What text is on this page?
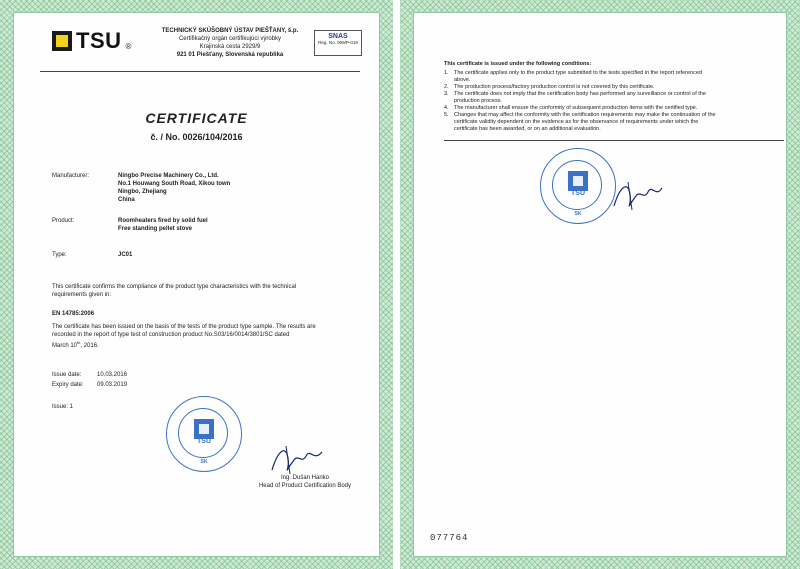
TSU ®
TECHNICKÝ SKÚŠOBNÝ ÚSTAV PIEŠŤANY, š.p.
Certifikačný orgán certifikujúci výrobky
Krajinská cesta 2929/9
921 01 Piešťany, Slovenská republika
SNAS
Reg. No. 009/P-019
CERTIFICATE
č. / No. 0026/104/2016
Manufacturer:	Ningbo Precise Machinery Co., Ltd.
No.1 Houwang South Road, Xikou town
Ningbo, Zhejiang
China
Product:	Roomheaters fired by solid fuel
Free standing pellet stove
Type:	JC01
This certificate confirms the compliance of the product type characteristics with the technical
requirements given in:
EN 14785:2006
The certificate has been issued on the basis of the tests of the product type sample. The results are
recorded in the report of type test of construction product No.S03/16/0014/3801/SC dated
March 10th, 2016.
Issue date:	10.03.2016
Expiry date: 09.03.2019
Issue: 1
TSU
SK
Ing. Dušan Hanko
Head of Product Certification Body
This certificate is issued under the following conditions:
1. The certificate applies only to the product type submitted to the tests specified in the report referenced
above.
2. The production process/factory production control is not covered by this certificate.
3. The certificate does not imply that the certification body has performed any surveillance or control of the
production process.
4. The manufacturer shall ensure the conformity of subsequent production items with the certified type.
5. Changes that may affect the conformity with the certification requirements may make the continuation of the
certificate validity dependent on the evidence as for the observance of requirements under which the
certificate has been awarded, or on an additional evaluation.
TSU
SK
077764
